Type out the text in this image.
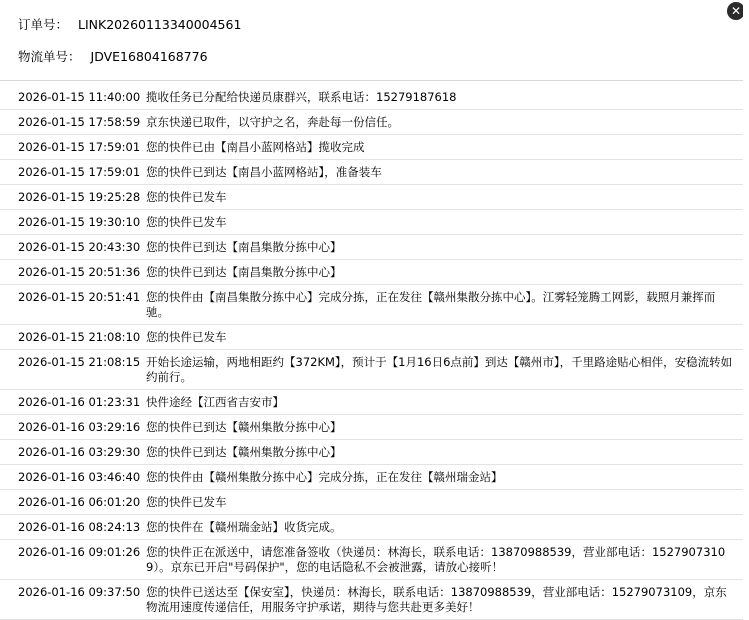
✕
订单号： LINK20260113340004561
物流单号： JDVE16804168776
2026-01-15 11:40:00 揽收任务已分配给快递员康群兴，联系电话：15279187618
2026-01-15 17:58:59 京东快递已取件，以守护之名，奔赴每一份信任。
2026-01-15 17:59:01 您的快件已由【南昌小蓝网格站】揽收完成
2026-01-15 17:59:01 您的快件已到达【南昌小蓝网格站】，准备装车
2026-01-15 19:25:28 您的快件已发车
2026-01-15 19:30:10 您的快件已发车
2026-01-15 20:43:30 您的快件已到达【南昌集散分拣中心】
2026-01-15 20:51:36 您的快件已到达【南昌集散分拣中心】
2026-01-15 20:51:41 您的快件由【南昌集散分拣中心】完成分拣，正在发往【赣州集散分拣中心】。江雾轻笼腾工网影，载照月兼挥而驰。
2026-01-15 21:08:10 您的快件已发车
2026-01-15 21:08:15 开始长途运输，两地相距约【372KM】，预计于【1月16日6点前】到达【赣州市】，千里路途贴心相伴，安稳流转如约前行。
2026-01-16 01:23:31 快件途经【江西省吉安市】
2026-01-16 03:29:16 您的快件已到达【赣州集散分拣中心】
2026-01-16 03:29:30 您的快件已到达【赣州集散分拣中心】
2026-01-16 03:46:40 您的快件由【赣州集散分拣中心】完成分拣，正在发往【赣州瑞金站】
2026-01-16 06:01:20 您的快件已发车
2026-01-16 08:24:13 您的快件在【赣州瑞金站】收货完成。
2026-01-16 09:01:26 您的快件正在派送中，请您准备签收（快递员：林海长，联系电话：13870988539，营业部电话：15279073109）。京东已开启"号码保护"，您的电话隐私不会被泄露，请放心接听！
2026-01-16 09:37:50 您的快件已送达至【保安室】，快递员：林海长，联系电话：13870988539，营业部电话：15279073109，京东物流用速度传递信任，用服务守护承诺，期待与您共赴更多美好！
